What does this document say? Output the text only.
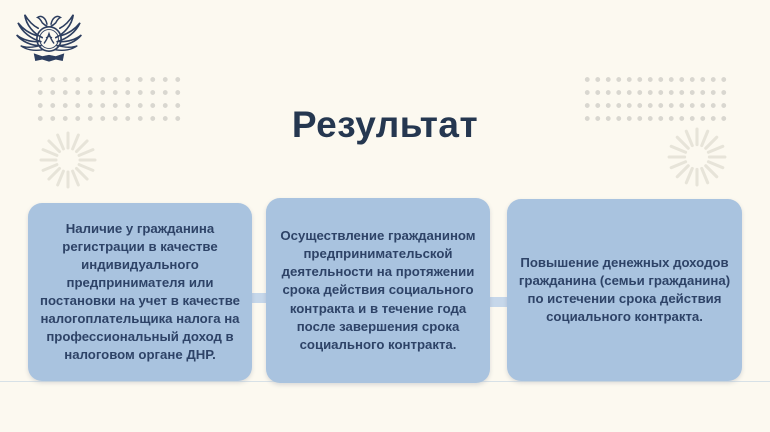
Результат
Наличие у гражданина регистрации в качестве индивидуального предпринимателя или постановки на учет в качестве налогоплательщика налога на профессиональный доход в налоговом органе ДНР.
Осуществление гражданином предпринимательской деятельности на протяжении срока действия социального контракта и в течение года после завершения срока социального контракта.
Повышение денежных доходов гражданина (семьи гражданина) по истечении срока действия социального контракта.
